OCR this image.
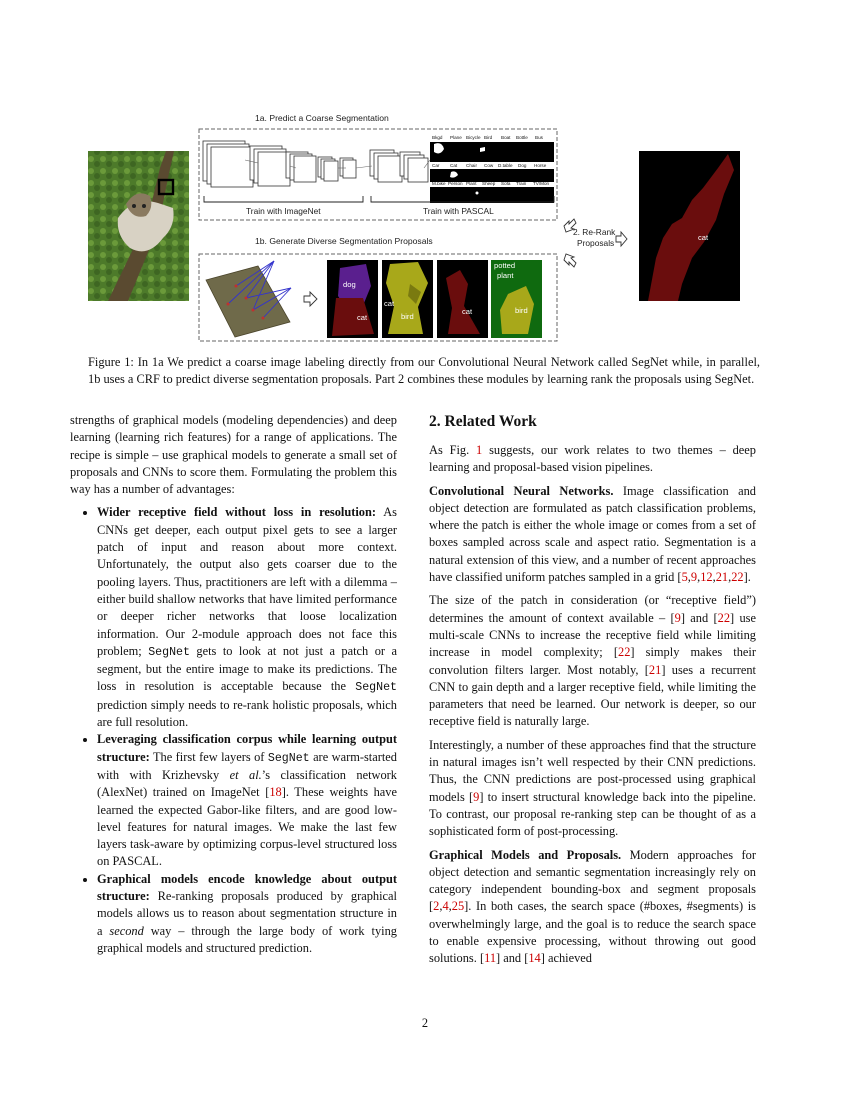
1a. Predict a Coarse Segmentation
Bkgd Plane Bicycle Bird Boat Bottle Bus
Car Cat Chair Cow D.table Dog Horse
M.bike Person Plant Sheep Sofa Train TV/Mon
Train with ImageNet	Train with PASCAL
1b. Generate Diverse Segmentation Proposals
dog
cat
cat
bird
cat
potted
plant
bird
2. Re-Rank
Proposals
cat
Figure 1: In 1a We predict a coarse image labeling directly from our Convolutional Neural Network called SegNet while, in parallel, 1b uses a CRF to predict diverse segmentation proposals. Part 2 combines these modules by learning rank the proposals using SegNet.

strengths of graphical models (modeling dependencies) and deep learning (learning rich features) for a range of applications. The recipe is simple – use graphical models to generate a small set of proposals and CNNs to score them. Formulating the problem this way has a number of advantages:

• Wider receptive field without loss in resolution: As CNNs get deeper, each output pixel gets to see a larger patch of input and reason about more context. Unfortunately, the output also gets coarser due to the pooling layers. Thus, practitioners are left with a dilemma – either build shallow networks that have limited performance or deeper richer networks that loose localization information. Our 2-module approach does not face this problem; SegNet gets to look at not just a patch or a segment, but the entire image to make its predictions. The loss in resolution is acceptable because the SegNet prediction simply needs to re-rank holistic proposals, which are full resolution.
• Leveraging classification corpus while learning output structure: The first few layers of SegNet are warm-started with with Krizhevsky et al.’s classification network (AlexNet) trained on ImageNet [18]. These weights have learned the expected Gabor-like filters, and are good low-level features for natural images. We make the last few layers task-aware by optimizing corpus-level structured loss on PASCAL.
• Graphical models encode knowledge about output structure: Re-ranking proposals produced by graphical models allows us to reason about segmentation structure in a second way – through the large body of work tying graphical models and structured prediction.
2. Related Work

As Fig. 1 suggests, our work relates to two themes – deep learning and proposal-based vision pipelines.

Convolutional Neural Networks. Image classification and object detection are formulated as patch classification problems, where the patch is either the whole image or comes from a set of boxes sampled across scale and aspect ratio. Segmentation is a natural extension of this view, and a number of recent approaches have classified uniform patches sampled in a grid [5,9,12,21,22].

The size of the patch in consideration (or “receptive field”) determines the amount of context available – [9] and [22] use multi-scale CNNs to increase the receptive field while limiting increase in model complexity; [22] simply makes their convolution filters larger. Most notably, [21] uses a recurrent CNN to gain depth and a larger receptive field, while limiting the parameters that need be learned. Our network is deeper, so our receptive field is naturally large.

Interestingly, a number of these approaches find that the structure in natural images isn’t well respected by their CNN predictions. Thus, the CNN predictions are post-processed using graphical models [9] to insert structural knowledge back into the pipeline. To contrast, our proposal re-ranking step can be thought of as a sophisticated form of post-processing.

Graphical Models and Proposals. Modern approaches for object detection and semantic segmentation increasingly rely on category independent bounding-box and segment proposals [2,4,25]. In both cases, the search space (#boxes, #segments) is overwhelmingly large, and the goal is to reduce the search space to enable expensive processing, without throwing out good solutions. [11] and [14] achieved

2
